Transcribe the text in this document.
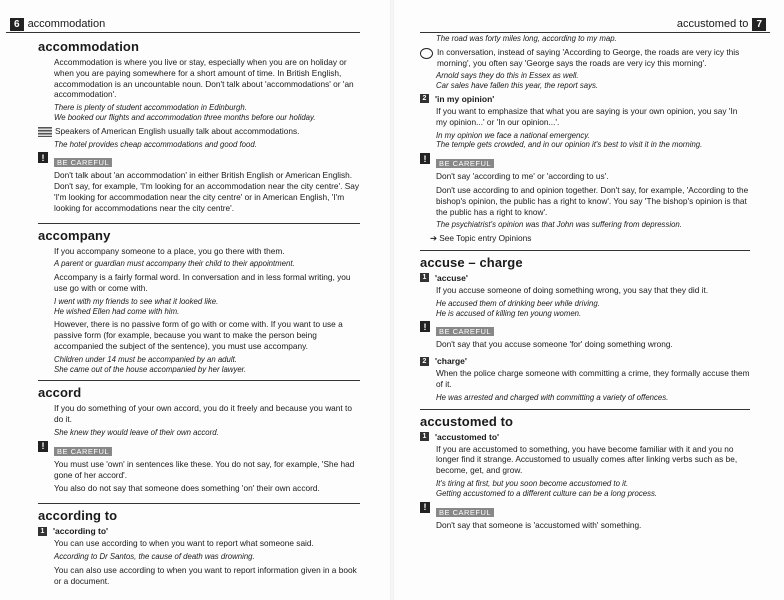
6 accommodation	accustomed to 7
accommodation

Accommodation is where you live or stay, especially when you are on holiday or when you are paying somewhere for a short amount of time. In British English, accommodation is an uncountable noun. Don't talk about 'accommodations' or 'an accommodation'.

There is plenty of student accommodation in Edinburgh.

We booked our flights and accommodation three months before our holiday.

Speakers of American English usually talk about accommodations.

The hotel provides cheap accommodations and good food.

!	BE CAREFUL

Don't talk about 'an accommodation' in either British English or American English. Don't say, for example, 'I'm looking for an accommodation near the city centre'. Say 'I'm looking for accommodation near the city centre' or in American English, 'I'm looking for accommodations near the city centre'.

accompany

If you accompany someone to a place, you go there with them.

A parent or guardian must accompany their child to their appointment.

Accompany is a fairly formal word. In conversation and in less formal writing, you use go with or come with.

I went with my friends to see what it looked like.

He wished Ellen had come with him.

However, there is no passive form of go with or come with. If you want to use a passive form (for example, because you want to make the person being accompanied the subject of the sentence), you must use accompany.

Children under 14 must be accompanied by an adult.

She came out of the house accompanied by her lawyer.

accord

If you do something of your own accord, you do it freely and because you want to do it.

She knew they would leave of their own accord.

!	BE CAREFUL

You must use 'own' in sentences like these. You do not say, for example, 'She had gone of her accord'.

You also do not say that someone does something 'on' their own accord.

according to
1 'according to'

You can use according to when you want to report what someone said.

According to Dr Santos, the cause of death was drowning.

You can also use according to when you want to report information given in a book or a document.

The road was forty miles long, according to my map.

In conversation, instead of saying 'According to George, the roads are very icy this morning', you often say 'George says the roads are very icy this morning'.

Arnold says they do this in Essex as well.

Car sales have fallen this year, the report says.

2 'in my opinion'

If you want to emphasize that what you are saying is your own opinion, you say 'In my opinion...' or 'In our opinion...'.

In my opinion we face a national emergency.

The temple gets crowded, and in our opinion it's best to visit it in the morning.

!	BE CAREFUL

Don't say 'according to me' or 'according to us'.

Don't use according to and opinion together. Don't say, for example, 'According to the bishop's opinion, the public has a right to know'. You say 'The bishop's opinion is that the public has a right to know'.

The psychiatrist's opinion was that John was suffering from depression.

➔ See Topic entry Opinions

accuse – charge
1 'accuse'

If you accuse someone of doing something wrong, you say that they did it.

He accused them of drinking beer while driving.

He is accused of killing ten young women.

!	BE CAREFUL

Don't say that you accuse someone 'for' doing something wrong.

2 'charge'

When the police charge someone with committing a crime, they formally accuse them of it.

He was arrested and charged with committing a variety of offences.

accustomed to
1 'accustomed to'

If you are accustomed to something, you have become familiar with it and you no longer find it strange. Accustomed to usually comes after linking verbs such as be, become, get, and grow.

It's tiring at first, but you soon become accustomed to it.

Getting accustomed to a different culture can be a long process.

!	BE CAREFUL

Don't say that someone is 'accustomed with' something.
